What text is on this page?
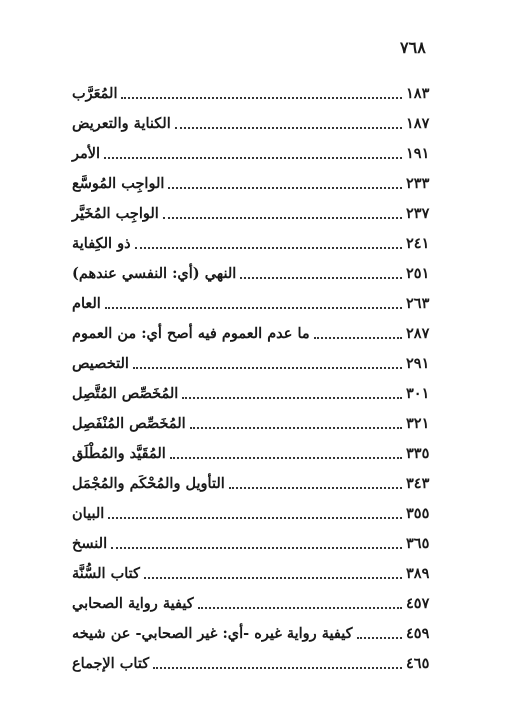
٧٦٨
المُعَرَّب	١٨٣
الكناية والتعريض	١٨٧
الأمر	١٩١
الواجِب المُوسَّع	٢٣٣
الواجِب المُخَيَّر	٢٣٧
ذو الكِفاية	٢٤١
النهي (أي: النفسي عندهم)	٢٥١
العام	٢٦٣
ما عدم العموم فيه أصح أي: من العموم	٢٨٧
التخصيص	٢٩١
المُخَصِّص المُتَّصِل	٣٠١
المُخَصِّص المُنْفَصِل	٣٢١
المُقَيَّد والمُطْلَق	٣٣٥
التأويل والمُحْكَم والمُجْمَل	٣٤٣
البيان	٣٥٥
النسخ	٣٦٥
كتاب السُّنَّة	٣٨٩
كيفية رواية الصحابي	٤٥٧
كيفية رواية غيره -أي: غير الصحابي- عن شيخه	٤٥٩
كتاب الإجماع	٤٦٥
